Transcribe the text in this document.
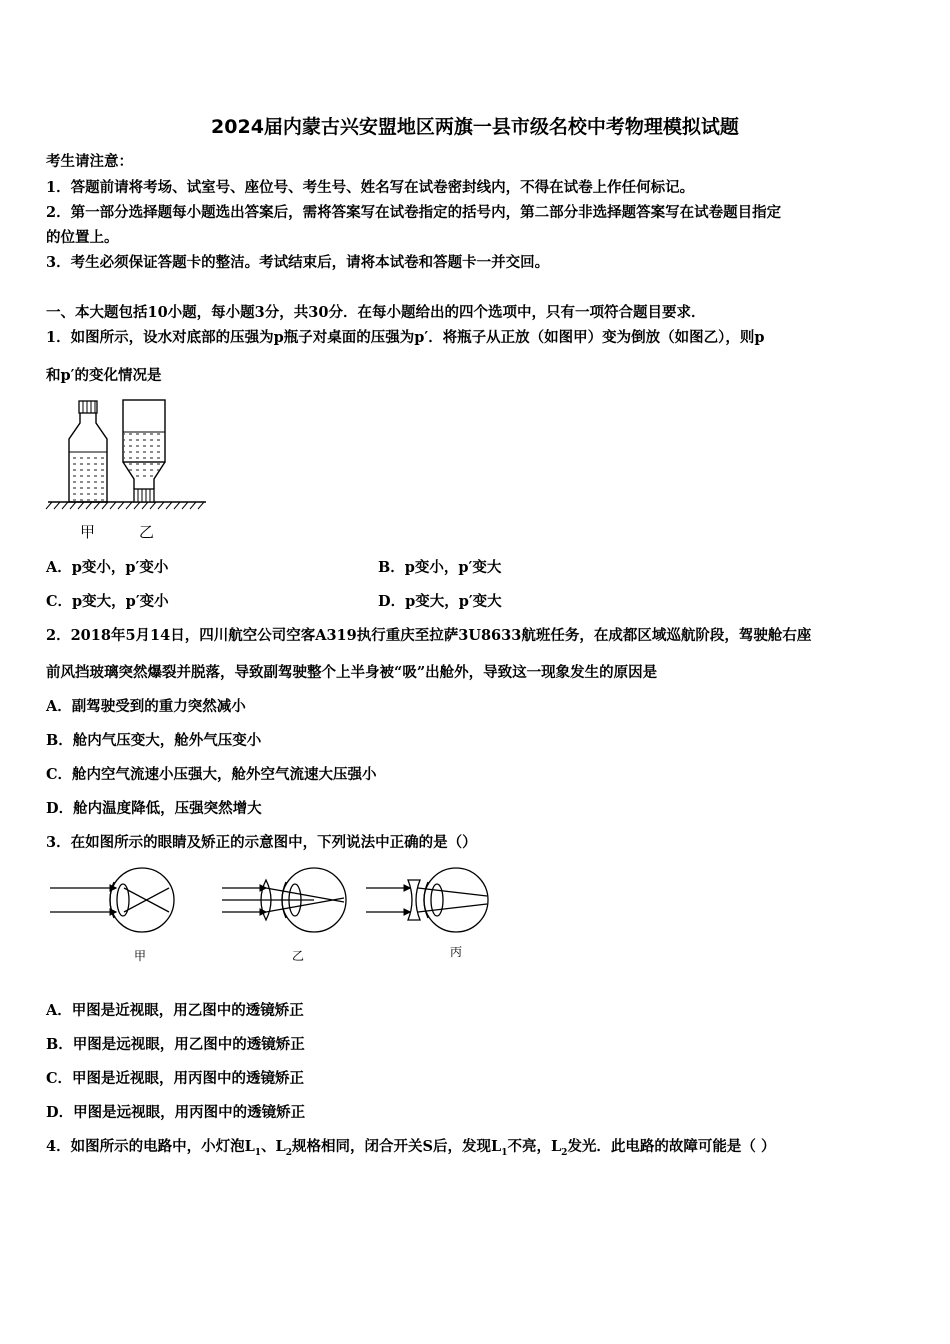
2024届内蒙古兴安盟地区两旗一县市级名校中考物理模拟试题
考生请注意：
1．答题前请将考场、试室号、座位号、考生号、姓名写在试卷密封线内，不得在试卷上作任何标记。
2．第一部分选择题每小题选出答案后，需将答案写在试卷指定的括号内，第二部分非选择题答案写在试卷题目指定
的位置上。
3．考生必须保证答题卡的整洁。考试结束后，请将本试卷和答题卡一并交回。
一、本大题包括10小题，每小题3分，共30分．在每小题给出的四个选项中，只有一项符合题目要求．
1．如图所示，设水对底部的压强为p瓶子对桌面的压强为p′．将瓶子从正放（如图甲）变为倒放（如图乙），则p
和p′的变化情况是
甲	乙
A．p变小，p′变小	B．p变小，p′变大
C．p变大，p′变小	D．p变大，p′变大
2．2018年5月14日，四川航空公司空客A319执行重庆至拉萨3U8633航班任务，在成都区域巡航阶段，驾驶舱右座
前风挡玻璃突然爆裂并脱落，导致副驾驶整个上半身被“吸”出舱外，导致这一现象发生的原因是
A．副驾驶受到的重力突然减小
B．舱内气压变大，舱外气压变小
C．舱内空气流速小压强大，舱外空气流速大压强小
D．舱内温度降低，压强突然增大
3．在如图所示的眼睛及矫正的示意图中，下列说法中正确的是（）
甲	乙	丙
A．甲图是近视眼，用乙图中的透镜矫正
B．甲图是远视眼，用乙图中的透镜矫正
C．甲图是近视眼，用丙图中的透镜矫正
D．甲图是远视眼，用丙图中的透镜矫正
4．如图所示的电路中，小灯泡$L_1$、$L_2$规格相同，闭合开关S后，发现$L_1$不亮，$L_2$发光．此电路的故障可能是（ ）
